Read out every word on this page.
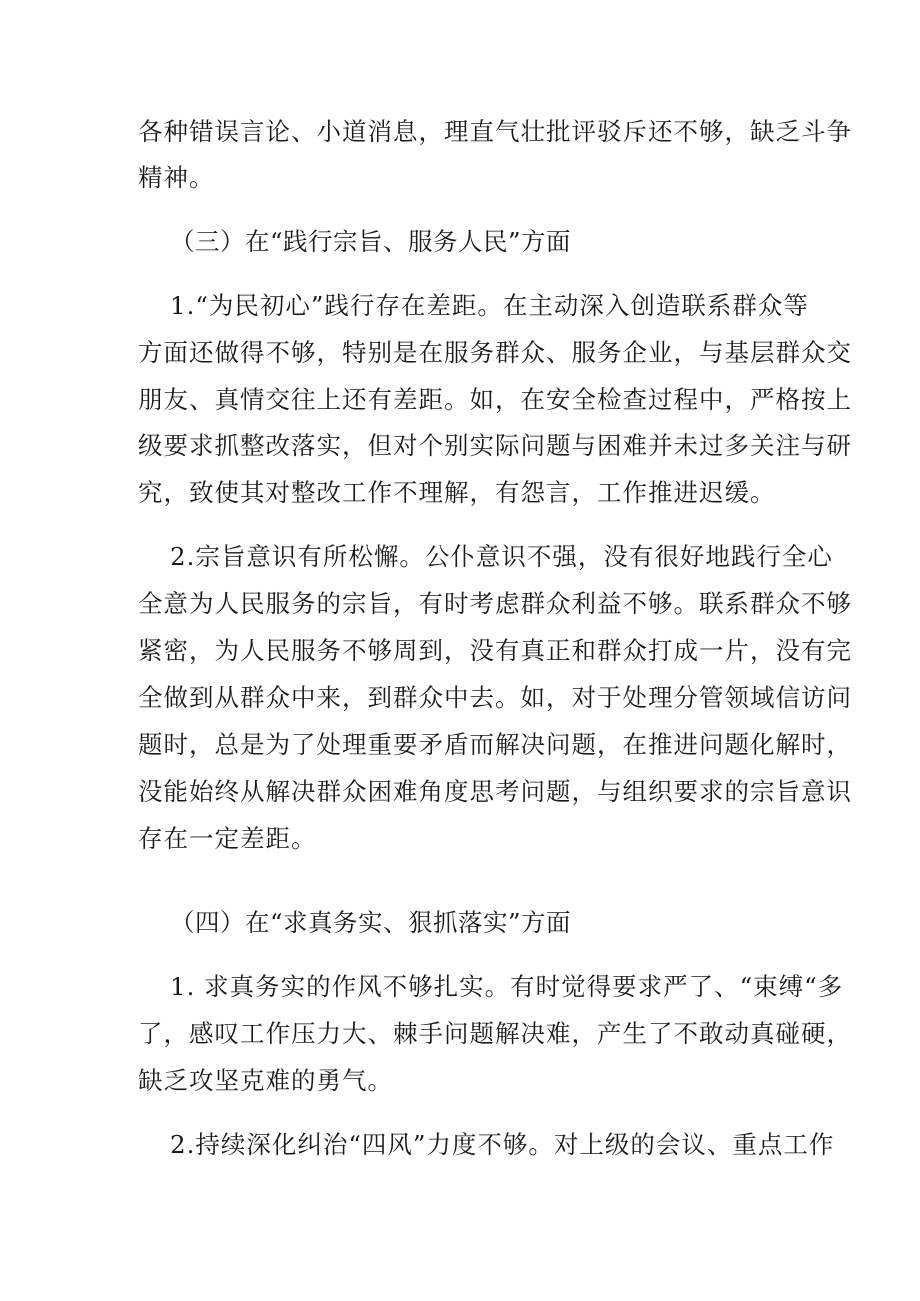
各种错误言论、小道消息，理直气壮批评驳斥还不够，缺乏斗争
精神。
（三）在“践行宗旨、服务人民”方面
1.“为民初心”践行存在差距。在主动深入创造联系群众等
方面还做得不够，特别是在服务群众、服务企业，与基层群众交
朋友、真情交往上还有差距。如，在安全检查过程中，严格按上
级要求抓整改落实，但对个别实际问题与困难并未过多关注与研
究，致使其对整改工作不理解，有怨言，工作推进迟缓。
2.宗旨意识有所松懈。公仆意识不强，没有很好地践行全心
全意为人民服务的宗旨，有时考虑群众利益不够。联系群众不够
紧密，为人民服务不够周到，没有真正和群众打成一片，没有完
全做到从群众中来，到群众中去。如，对于处理分管领域信访问
题时，总是为了处理重要矛盾而解决问题，在推进问题化解时，
没能始终从解决群众困难角度思考问题，与组织要求的宗旨意识
存在一定差距。
（四）在“求真务实、狠抓落实”方面
1. 求真务实的作风不够扎实。有时觉得要求严了、“束缚“多
了，感叹工作压力大、棘手问题解决难，产生了不敢动真碰硬，
缺乏攻坚克难的勇气。
2.持续深化纠治“四风”力度不够。对上级的会议、重点工作
